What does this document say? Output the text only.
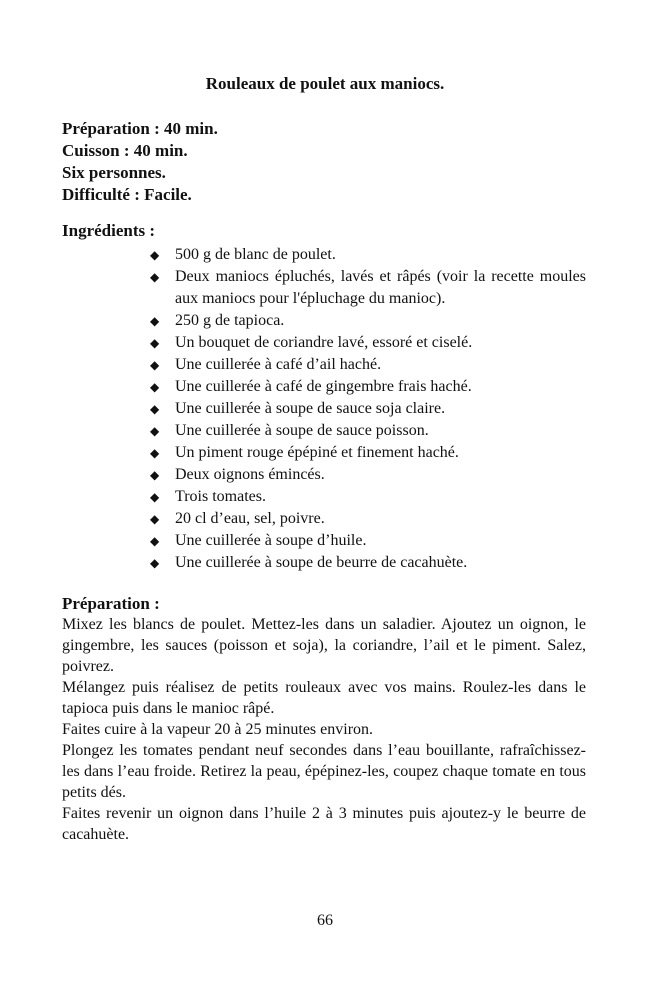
Rouleaux de poulet aux maniocs.
Préparation : 40 min.
Cuisson : 40 min.
Six personnes.
Difficulté : Facile.
Ingrédients :
◆ 500 g de blanc de poulet.
◆ Deux maniocs épluchés, lavés et râpés (voir la recette moules aux maniocs pour l'épluchage du manioc).
◆ 250 g de tapioca.
◆ Un bouquet de coriandre lavé, essoré et ciselé.
◆ Une cuillerée à café d’ail haché.
◆ Une cuillerée à café de gingembre frais haché.
◆ Une cuillerée à soupe de sauce soja claire.
◆ Une cuillerée à soupe de sauce poisson.
◆ Un piment rouge épépiné et finement haché.
◆ Deux oignons émincés.
◆ Trois tomates.
◆ 20 cl d’eau, sel, poivre.
◆ Une cuillerée à soupe d’huile.
◆ Une cuillerée à soupe de beurre de cacahuète.
Préparation :

Mixez les blancs de poulet. Mettez-les dans un saladier. Ajoutez un oignon, le gingembre, les sauces (poisson et soja), la coriandre, l’ail et le piment. Salez, poivrez.

Mélangez puis réalisez de petits rouleaux avec vos mains. Roulez-les dans le tapioca puis dans le manioc râpé.

Faites cuire à la vapeur 20 à 25 minutes environ.

Plongez les tomates pendant neuf secondes dans l’eau bouillante, rafraîchissez-les dans l’eau froide. Retirez la peau, épépinez-les, coupez chaque tomate en tous petits dés.

Faites revenir un oignon dans l’huile 2 à 3 minutes puis ajoutez-y le beurre de cacahuète.

66
